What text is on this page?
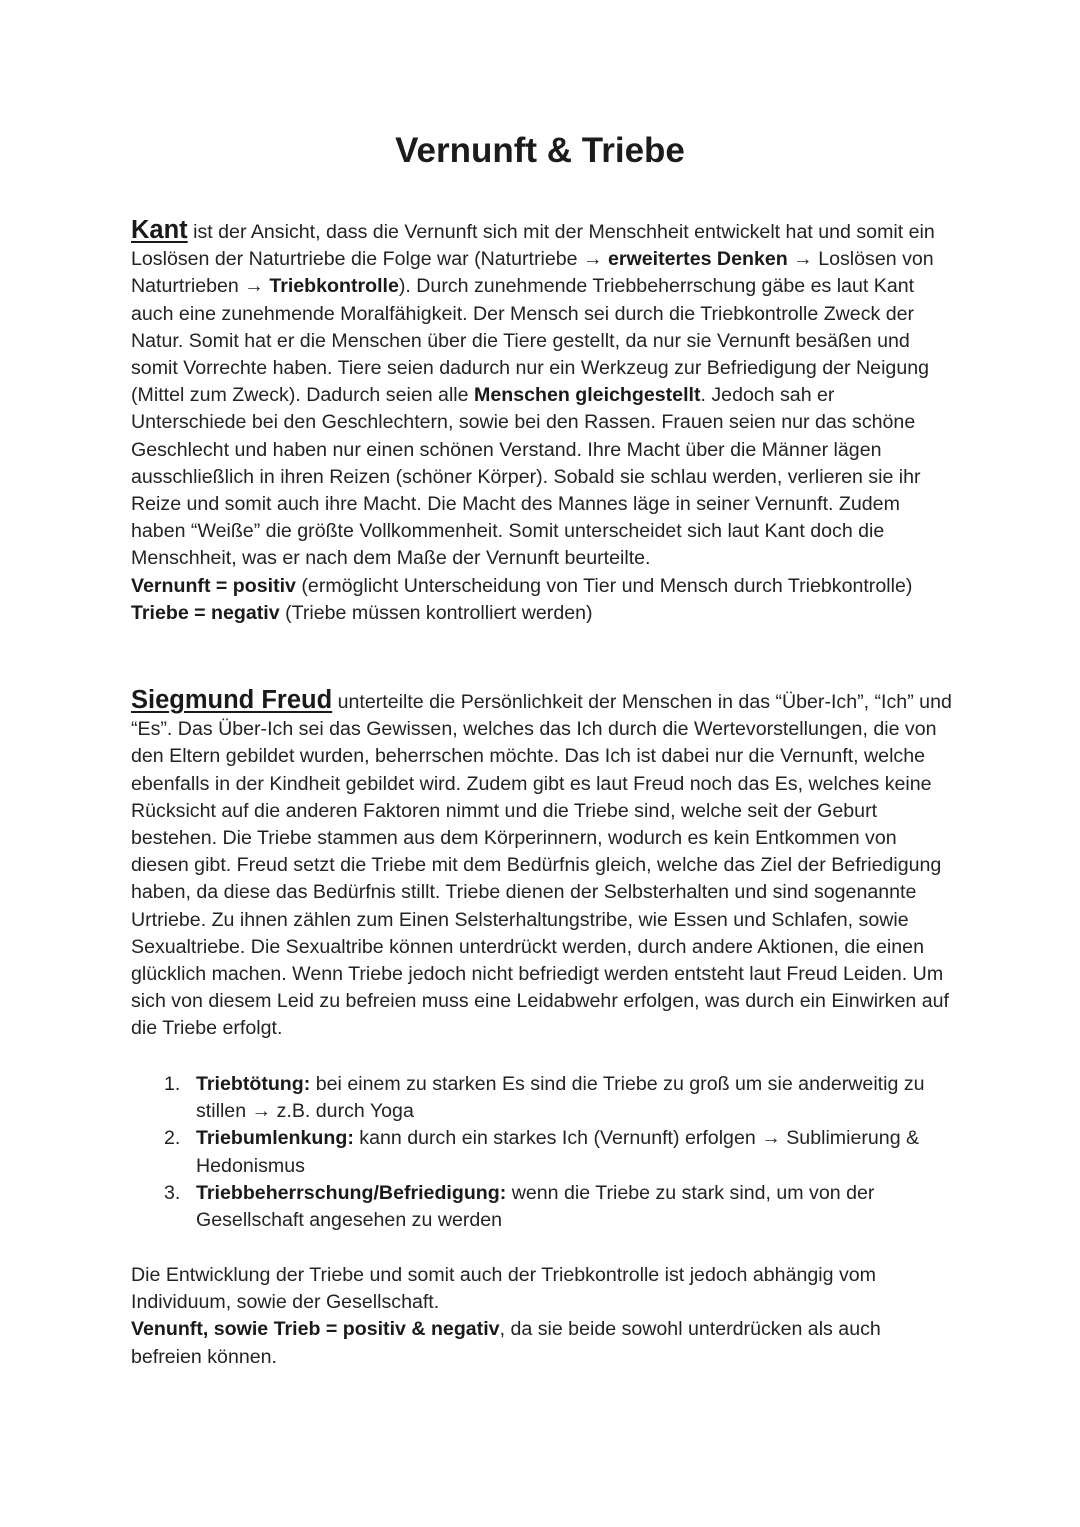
Vernunft & Triebe

Kant ist der Ansicht, dass die Vernunft sich mit der Menschheit entwickelt hat und somit ein Loslösen der Naturtriebe die Folge war (Naturtriebe → erweitertes Denken → Loslösen von Naturtrieben → Triebkontrolle). Durch zunehmende Triebbeherrschung gäbe es laut Kant auch eine zunehmende Moralfähigkeit. Der Mensch sei durch die Triebkontrolle Zweck der Natur. Somit hat er die Menschen über die Tiere gestellt, da nur sie Vernunft besäßen und somit Vorrechte haben. Tiere seien dadurch nur ein Werkzeug zur Befriedigung der Neigung (Mittel zum Zweck). Dadurch seien alle Menschen gleichgestellt. Jedoch sah er Unterschiede bei den Geschlechtern, sowie bei den Rassen. Frauen seien nur das schöne Geschlecht und haben nur einen schönen Verstand. Ihre Macht über die Männer lägen ausschließlich in ihren Reizen (schöner Körper). Sobald sie schlau werden, verlieren sie ihr Reize und somit auch ihre Macht. Die Macht des Mannes läge in seiner Vernunft. Zudem haben “Weiße” die größte Vollkommenheit. Somit unterscheidet sich laut Kant doch die Menschheit, was er nach dem Maße der Vernunft beurteilte.

Vernunft = positiv (ermöglicht Unterscheidung von Tier und Mensch durch Triebkontrolle)

Triebe = negativ (Triebe müssen kontrolliert werden)

Siegmund Freud unterteilte die Persönlichkeit der Menschen in das “Über-Ich”, “Ich” und “Es”. Das Über-Ich sei das Gewissen, welches das Ich durch die Wertevorstellungen, die von den Eltern gebildet wurden, beherrschen möchte. Das Ich ist dabei nur die Vernunft, welche ebenfalls in der Kindheit gebildet wird. Zudem gibt es laut Freud noch das Es, welches keine Rücksicht auf die anderen Faktoren nimmt und die Triebe sind, welche seit der Geburt bestehen. Die Triebe stammen aus dem Körperinnern, wodurch es kein Entkommen von diesen gibt. Freud setzt die Triebe mit dem Bedürfnis gleich, welche das Ziel der Befriedigung haben, da diese das Bedürfnis stillt. Triebe dienen der Selbsterhalten und sind sogenannte Urtriebe. Zu ihnen zählen zum Einen Selsterhaltungstribe, wie Essen und Schlafen, sowie Sexualtriebe. Die Sexualtribe können unterdrückt werden, durch andere Aktionen, die einen glücklich machen. Wenn Triebe jedoch nicht befriedigt werden entsteht laut Freud Leiden. Um sich von diesem Leid zu befreien muss eine Leidabwehr erfolgen, was durch ein Einwirken auf die Triebe erfolgt.

1. Triebtötung: bei einem zu starken Es sind die Triebe zu groß um sie anderweitig zu stillen → z.B. durch Yoga
2. Triebumlenkung: kann durch ein starkes Ich (Vernunft) erfolgen → Sublimierung & Hedonismus
3. Triebbeherrschung/Befriedigung: wenn die Triebe zu stark sind, um von der Gesellschaft angesehen zu werden

Die Entwicklung der Triebe und somit auch der Triebkontrolle ist jedoch abhängig vom Individuum, sowie der Gesellschaft.

Venunft, sowie Trieb = positiv & negativ, da sie beide sowohl unterdrücken als auch befreien können.
